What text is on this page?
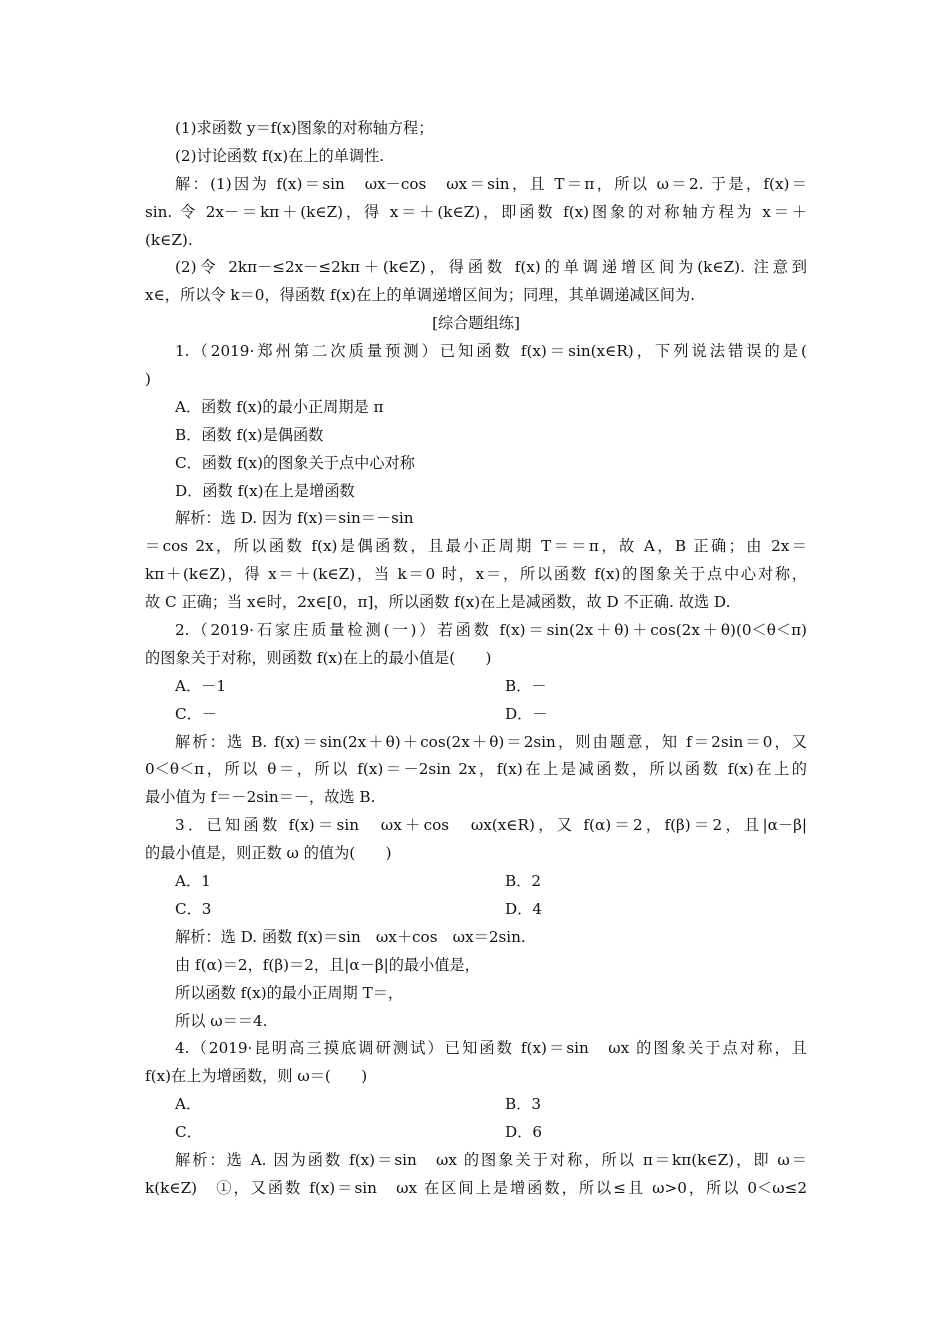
(1)求函数 y＝f(x)图象的对称轴方程；
(2)讨论函数 f(x)在上的单调性.
解：(1)因为 f(x)＝sin　ωx－cos　ωx＝sin，且 T＝π，所以 ω＝2. 于是，f(x)＝
sin. 令 2x－＝kπ＋(k∈Z)，得 x＝＋(k∈Z)，即函数 f(x)图象的对称轴方程为 x＝＋
(k∈Z).
(2)令 2kπ－≤2x－≤2kπ＋(k∈Z)，得函数 f(x)的单调递增区间为(k∈Z). 注意到
x∈，所以令 k＝0，得函数 f(x)在上的单调递增区间为；同理，其单调递减区间为.
[综合题组练]
1.（2019·郑州第二次质量预测）已知函数 f(x)＝sin(x∈R)，下列说法错误的是(
)
A．函数 f(x)的最小正周期是 π
B．函数 f(x)是偶函数
C．函数 f(x)的图象关于点中心对称
D．函数 f(x)在上是增函数
解析：选 D. 因为 f(x)＝sin＝－sin
＝cos 2x，所以函数 f(x)是偶函数，且最小正周期 T＝＝π，故 A，B 正确；由 2x＝
kπ＋(k∈Z)，得 x＝＋(k∈Z)，当 k＝0 时，x＝，所以函数 f(x)的图象关于点中心对称，
故 C 正确；当 x∈时，2x∈[0，π]，所以函数 f(x)在上是减函数，故 D 不正确. 故选 D.
2.（2019·石家庄质量检测(一)）若函数 f(x)＝sin(2x＋θ)＋cos(2x＋θ)(0＜θ＜π)
的图象关于对称，则函数 f(x)在上的最小值是(　　)
A．－1	B．－
C．－	D．－
解析：选 B. f(x)＝sin(2x＋θ)＋cos(2x＋θ)＝2sin，则由题意，知 f＝2sin＝0，又
0＜θ＜π，所以 θ＝，所以 f(x)＝－2sin 2x，f(x)在上是减函数，所以函数 f(x)在上的
最小值为 f＝－2sin＝－，故选 B.
3．已知函数 f(x)＝sin　ωx＋cos　ωx(x∈R)，又 f(α)＝2，f(β)＝2，且|α－β|
的最小值是，则正数 ω 的值为(　　)
A．1	B．2
C．3	D．4
解析：选 D. 函数 f(x)＝sin　ωx＋cos　ωx＝2sin.
由 f(α)＝2，f(β)＝2，且|α－β|的最小值是，
所以函数 f(x)的最小正周期 T＝，
所以 ω＝＝4.
4.（2019·昆明高三摸底调研测试）已知函数 f(x)＝sin　ωx 的图象关于点对称，且
f(x)在上为增函数，则 ω＝(　　)
A．	B．3
C．	D．6
解析：选 A. 因为函数 f(x)＝sin　ωx 的图象关于对称，所以 π＝kπ(k∈Z)，即 ω＝
k(k∈Z)　①，又函数 f(x)＝sin　ωx 在区间上是增函数，所以≤且 ω>0，所以 0＜ω≤2
